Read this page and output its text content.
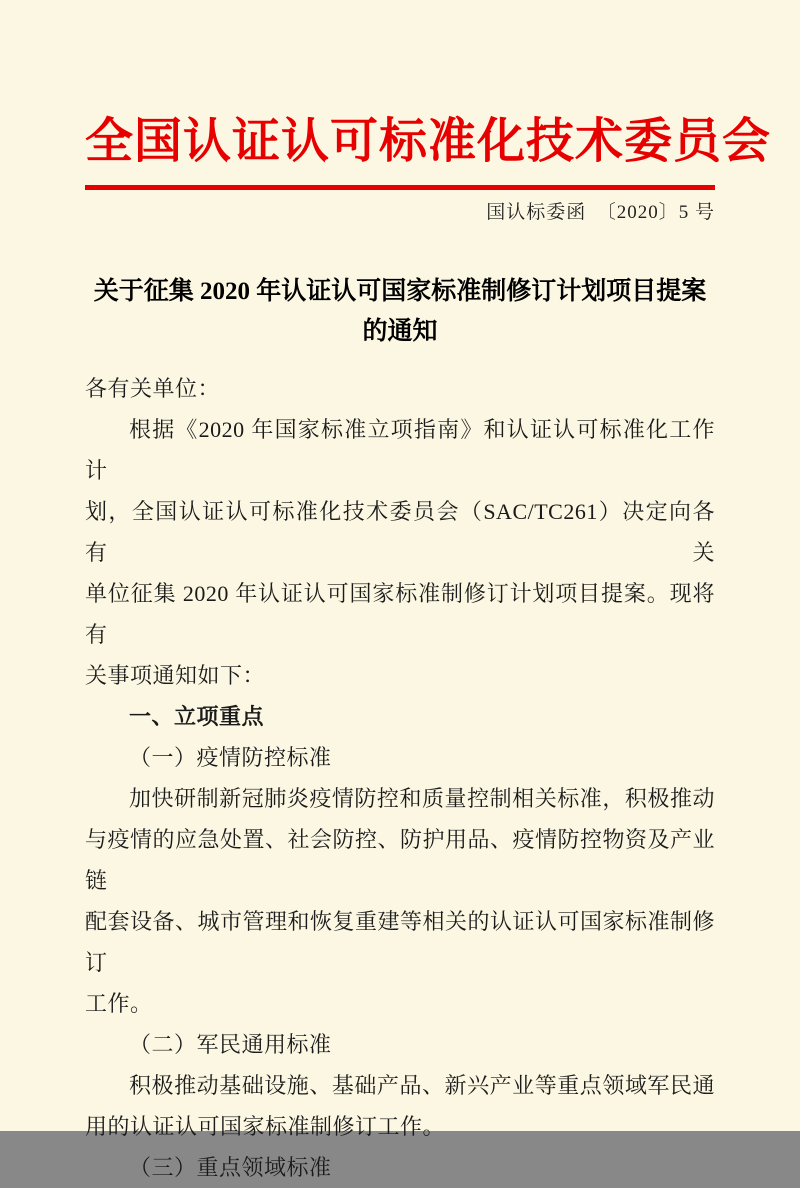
全国认证认可标准化技术委员会
国认标委函　〔2020〕5 号
关于征集 2020 年认证认可国家标准制修订计划项目提案
的通知
各有关单位：
根据《2020 年国家标准立项指南》和认证认可标准化工作计
划，全国认证认可标准化技术委员会（SAC/TC261）决定向各有关
单位征集 2020 年认证认可国家标准制修订计划项目提案。现将有
关事项通知如下：
一、立项重点
（一）疫情防控标准
加快研制新冠肺炎疫情防控和质量控制相关标准，积极推动
与疫情的应急处置、社会防控、防护用品、疫情防控物资及产业链
配套设备、城市管理和恢复重建等相关的认证认可国家标准制修订
工作。
（二）军民通用标准
积极推动基础设施、基础产品、新兴产业等重点领域军民通
用的认证认可国家标准制修订工作。
（三）重点领域标准
